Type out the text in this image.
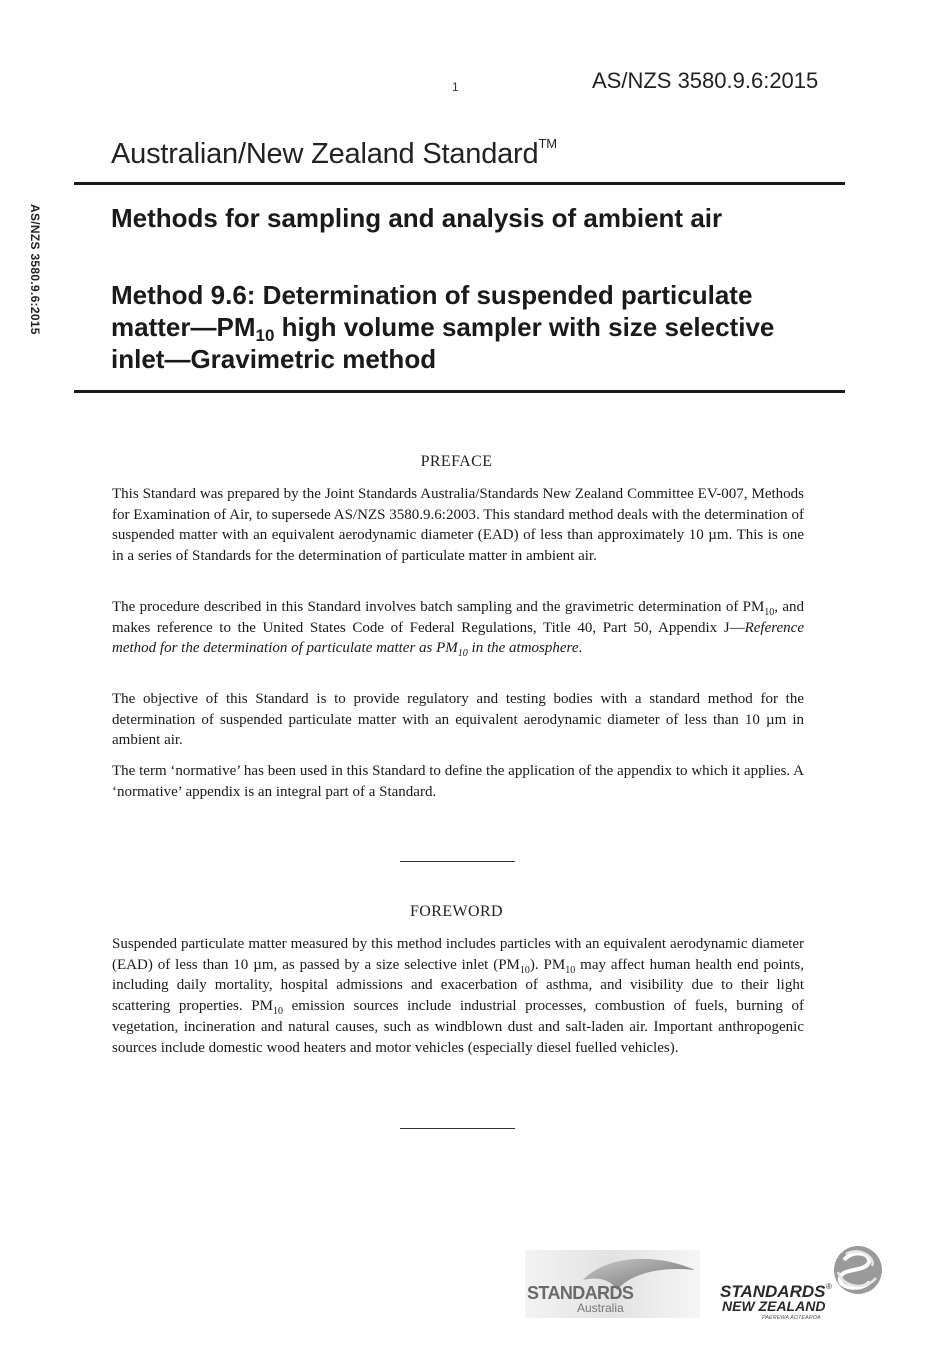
1	AS/NZS 3580.9.6:2015
Australian/New Zealand Standard™
AS/NZS 3580.9.6:2015	Methods for sampling and analysis of ambient air
Method 9.6: Determination of suspended particulate $matter—PM_{10}$ high volume sampler with size selective inlet—Gravimetric method
PREFACE
This Standard was prepared by the Joint Standards Australia/Standards New Zealand Committee EV-007, Methods for Examination of Air, to supersede AS/NZS 3580.9.6:2003. This standard method deals with the determination of suspended matter with an equivalent aerodynamic diameter (EAD) of less than approximately 10 µm. This is one in a series of Standards for the determination of particulate matter in ambient air.
The procedure described in this Standard involves batch sampling and the gravimetric determination of $PM_{10}$, and makes reference to the United States Code of Federal Regulations, Title 40, Part 50, Appendix J—Reference method for the determination of particulate matter as $PM_{10}$ in the atmosphere.
The objective of this Standard is to provide regulatory and testing bodies with a standard method for the determination of suspended particulate matter with an equivalent aerodynamic diameter of less than 10 µm in ambient air.
The term ‘normative’ has been used in this Standard to define the application of the appendix to which it applies. A ‘normative’ appendix is an integral part of a Standard.
FOREWORD
Suspended particulate matter measured by this method includes particles with an equivalent aerodynamic diameter (EAD) of less than 10 µm, as passed by a size selective inlet $(PM_{10})$. $PM_{10}$ may affect human health end points, including daily mortality, hospital admissions and exacerbation of asthma, and visibility due to their light scattering properties. $PM_{10}$ emission sources include industrial processes, combustion of fuels, burning of vegetation, incineration and natural causes, such as windblown dust and salt-laden air. Important anthropogenic sources include domestic wood heaters and motor vehicles (especially diesel fuelled vehicles).
STANDARDS
Australia
STANDARDS ®
NEW ZEALAND
PAEREWA AOTEAROA
